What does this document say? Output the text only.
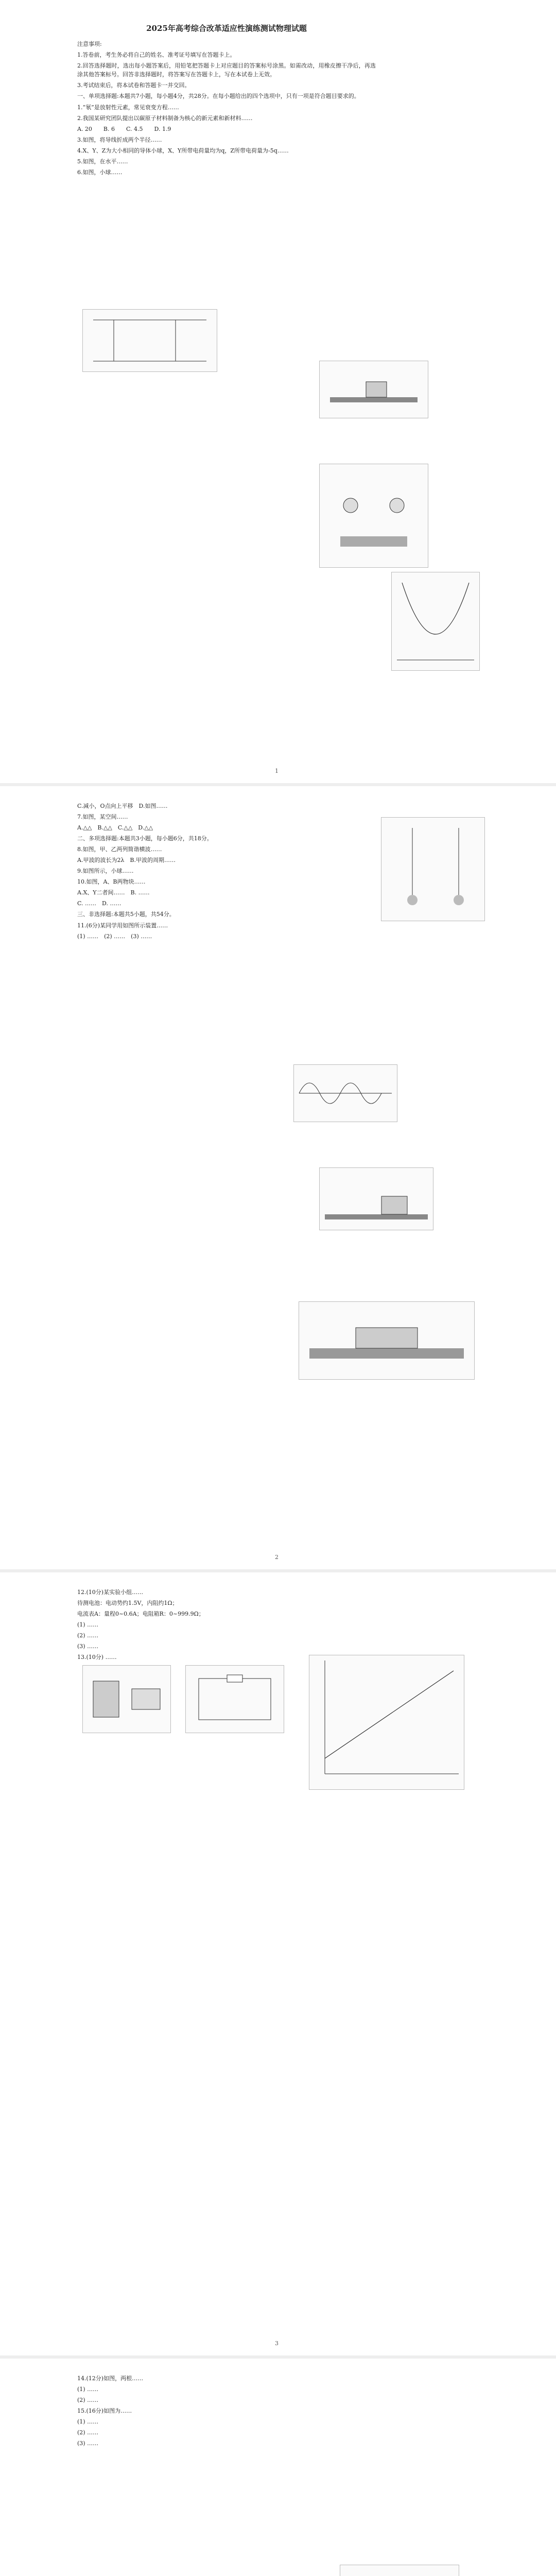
2025年高考综合改革适应性演练测试物理试题
注意事项:
1.答卷前，考生务必将自己的姓名、准考证号填写在答题卡上。
2.回答选择题时，选出每小题答案后，用铅笔把答题卡上对应题目的答案标号涂黑。如需改动，用橡皮擦干净后，再选涂其他答案标号。回答非选择题时，将答案写在答题卡上，写在本试卷上无效。
3.考试结束后，将本试卷和答题卡一并交回。
一、单项选择题:本题共7小题，每小题4分，共28分。在每小题给出的四个选项中，只有一项是符合题目要求的。
1.“氡”是放射性元素，常见衰变方程……
2.我国某研究团队提出以碳原子材料制备为核心的新元素和新材料……
A. 20　　B. 6　　C. 4.5　　D. 1.9
3.如图，将导线折成两个半径……
4.X、Y、Z为大小相同的导体小球，X、Y所带电荷量均为q，Z所带电荷量为-5q……
5.如图，在水平……
6.如图，小球……
1
C.减小，O点向上平移　D.如图……
7.如图，某空间……
A.△△　B.△△　C.△△　D.△△
二、多项选择题:本题共3小题，每小题6分，共18分。
8.如图，甲、乙两列简谐横波……
A.甲波的波长为2λ　B.甲波的周期……
9.如图所示，小球……
10.如图，A、B两物块……
A.X、Y二者间……　B. ……
C. ……　D. ……
三、非选择题:本题共5小题，共54分。
11.(6分)某同学用如图所示装置……
(1) ……　(2) ……　(3) ……
2
12.(10分)某实验小组……
待测电池：电动势约1.5V，内阻约1Ω；
电流表A：量程0~0.6A；电阻箱R：0~999.9Ω；
(1) ……
(2) ……
(3) ……
13.(10分) ……
3
14.(12分)如图，两根……
(1) ……
(2) ……
15.(16分)如图为……
(1) ……
(2) ……
(3) ……
